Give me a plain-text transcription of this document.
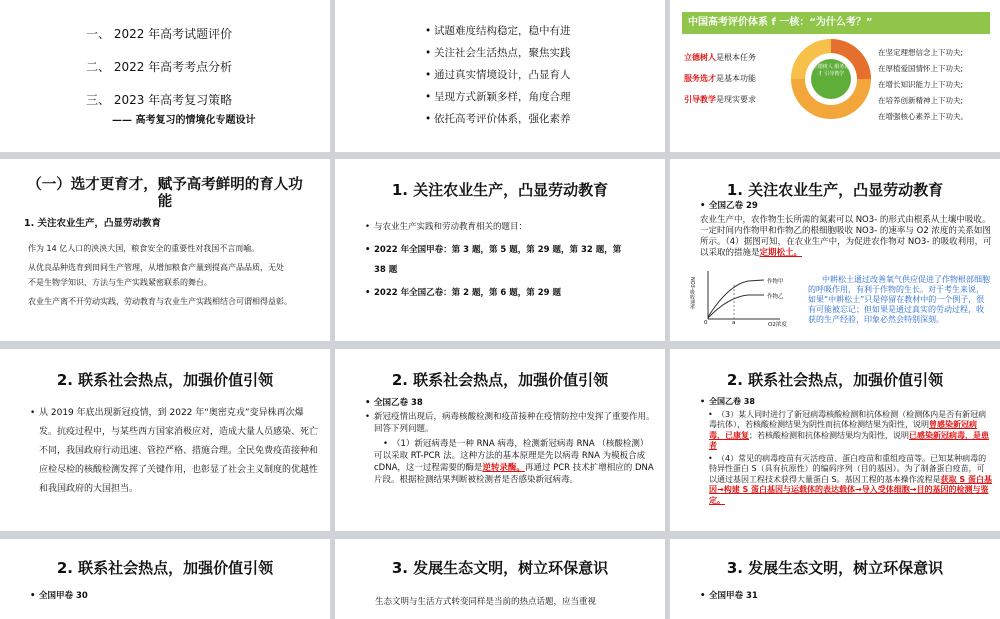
一、 2022 年高考试题评价
二、 2022 年高考考点分析
三、 2023 年高考复习策略
—— 高考复习的情境化专题设计
• 试题难度结构稳定，稳中有进
• 关注社会生活热点，聚焦实践
• 通过真实情境设计，凸显育人
• 呈现方式新颖多样，角度合理
• 依托高考评价体系，强化素养
中国高考评价体系 f 一核：“为什么考？”
立德树人是根本任务
服务选才是基本功能
引导教学是现实要求
立德树人 服务选才 引导教学
在坚定理想信念上下功夫;
在厚植爱国情怀上下功夫;
在增长知识能力上下功夫;
在培养创新精神上下功夫;
在增强核心素养上下功夫。
（一）选才更育才，赋予高考鲜明的育人功能
1. 关注农业生产，凸显劳动教育
作为 14 亿人口的泱泱大国，粮食安全的重要性对我国不言而喻。
从优良品种选育到田间生产管理，从增加粮食产量到提高产品品质，无处
不是生物学知识、方法与生产实践紧密联系的舞台。
农业生产离不开劳动实践，劳动教育与农业生产实践相结合可谓相得益彰。
1. 关注农业生产，凸显劳动教育
• 与农业生产实践和劳动教育相关的题目：
• 2022 年全国甲卷：第 3 题，第 5 题，第 29 题，第 32 题，第
38 题
• 2022 年全国乙卷：第 2 题，第 6 题，第 29 题
1. 关注农业生产，凸显劳动教育
• 全国乙卷 29
农业生产中，农作物生长所需的氮素可以 NO3- 的形式由根系从土壤中吸收。一定时间内作物甲和作物乙的根细胞吸收 NO3- 的速率与 O2 浓度的关系如图所示。（4）据图可知，在农业生产中，为促进农作物对 NO3- 的吸收利用，可以采取的措施是定期松土。
作物甲
作物乙
0	a	O2浓度
NO3-吸收速率	中耕松土通过改善氧气供应促进了作物根部细胞的呼吸作用，有利于作物的生长。对于考生来说，如果“中耕松土”只是停留在教材中的一个例子，很有可能被忘记；但如果是通过真实的劳动过程，收获的生产经验，印象必然会特别深刻。
2. 联系社会热点，加强价值引领
• 从 2019 年底出现新冠疫情，到 2022 年“奥密克戎”变异株再次爆发。抗疫过程中，与某些西方国家消极应对，造成大量人员感染、死亡不同，我国政府行动迅速、管控严格、措施合理。全民免费疫苗接种和应检尽检的核酸检测发挥了关键作用，也彰显了社会主义制度的优越性和我国政府的大国担当。
2. 联系社会热点，加强价值引领
• 全国乙卷 38
• 新冠疫情出现后，病毒核酸检测和疫苗接种在疫情防控中发挥了重要作用。回答下列问题。
• （1）新冠病毒是一种 RNA 病毒，检测新冠病毒 RNA （核酸检测）可以采取 RT-PCR 法。这种方法的基本原理是先以病毒 RNA 为模板合成 cDNA，这一过程需要的酶是逆转录酶。再通过 PCR 技术扩增相应的 DNA 片段。根据检测结果判断被检测者是否感染新冠病毒。
2. 联系社会热点，加强价值引领
• 全国乙卷 38
• （3）某人同时进行了新冠病毒核酸检测和抗体检测（检测体内是否有新冠病毒抗体），若核酸检测结果为阴性而抗体检测结果为阳性，说明曾感染新冠病毒，已康复；若核酸检测和抗体检测结果均为阳性，说明已感染新冠病毒，是患者
• （4）常见的病毒疫苗有灭活疫苗、蛋白疫苗和重组疫苗等。已知某种病毒的特异性蛋白 S（具有抗原性）的编码序列（目的基因）。为了制备蛋白疫苗，可以通过基因工程技术获得大量蛋白 S。基因工程的基本操作流程是获取 S 蛋白基因→构建 S 蛋白基因与运载体的表达载体→导入受体细胞→目的基因的检测与鉴定。
2. 联系社会热点，加强价值引领
• 全国甲卷 30
3. 发展生态文明，树立环保意识
生态文明与生活方式转变同样是当前的热点话题，应当重视
3. 发展生态文明，树立环保意识
• 全国甲卷 31
